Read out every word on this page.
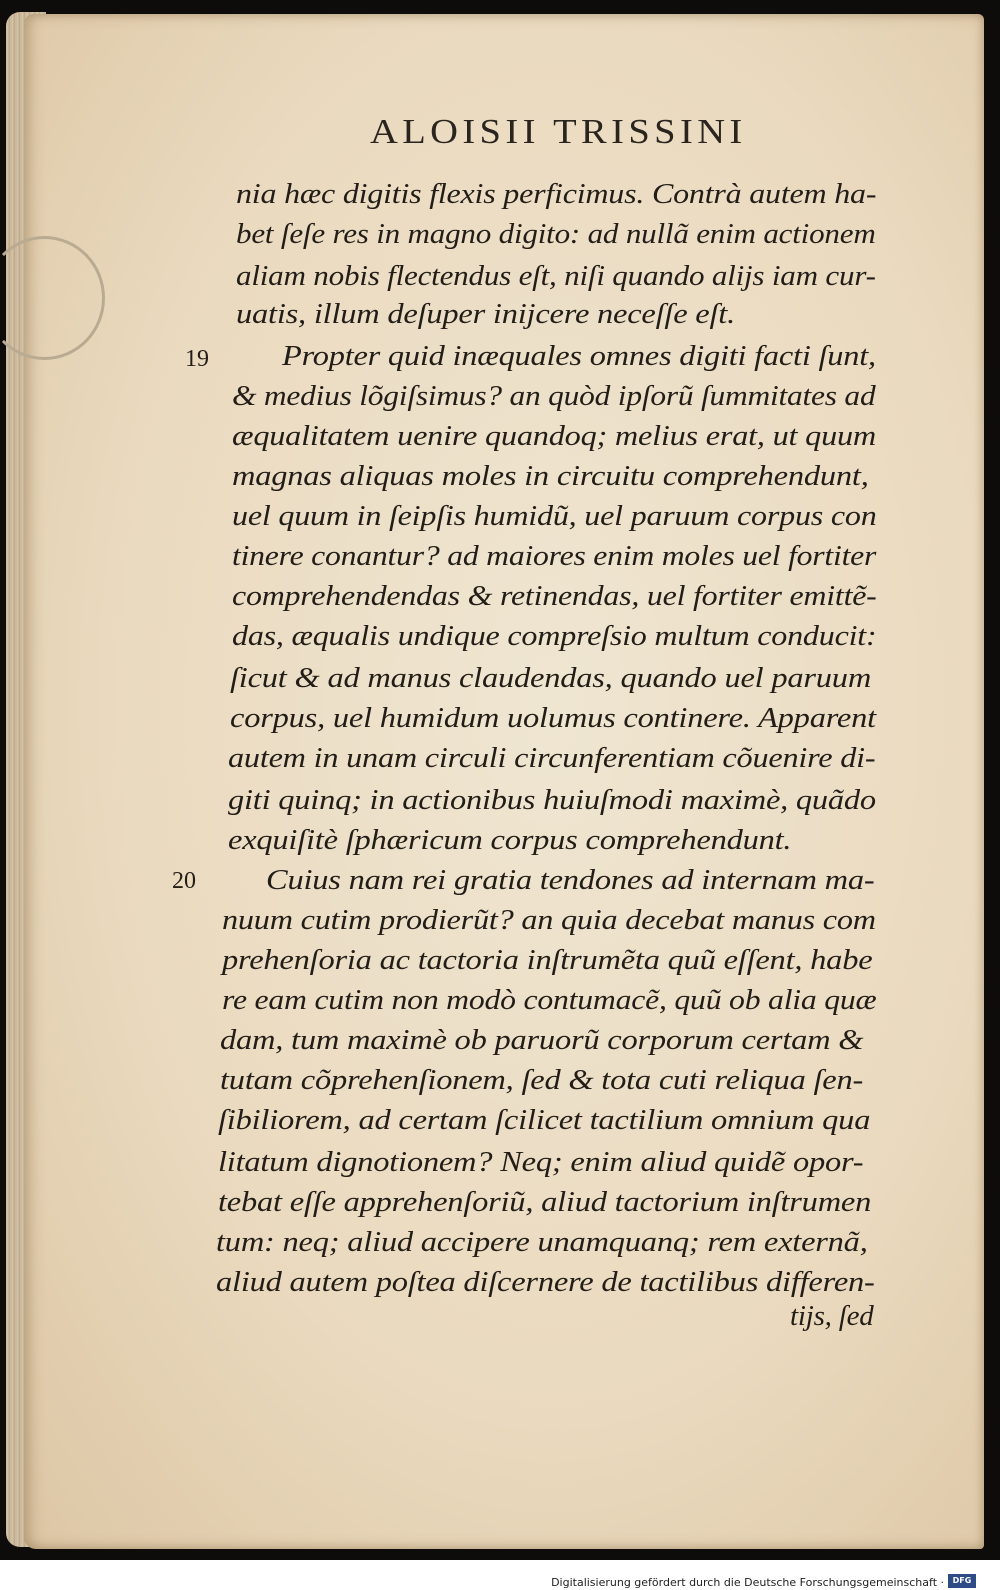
ALOISII TRISSINI
nia hæc digitis flexis perficimus. Contrà autem ha-
bet ſeſe res in magno digito: ad nullã enim actionem
aliam nobis flectendus eſt, niſi quando alijs iam cur-
uatis, illum deſuper inijcere neceſſe eſt.
19	Propter quid inæquales omnes digiti facti ſunt,
& medius lõgiſsimus? an quòd ipſorũ ſummitates ad
æqualitatem uenire quandoq; melius erat, ut quum
magnas aliquas moles in circuitu comprehendunt,
uel quum in ſeipſis humidũ, uel paruum corpus con
tinere conantur? ad maiores enim moles uel fortiter
comprehendendas & retinendas, uel fortiter emittẽ-
das, æqualis undique compreſsio multum conducit:
ſicut & ad manus claudendas, quando uel paruum
corpus, uel humidum uolumus continere. Apparent
autem in unam circuli circunferentiam cõuenire di-
giti quinq; in actionibus huiuſmodi maximè, quãdo
exquiſitè ſphæricum corpus comprehendunt.
20 Cuius nam rei gratia tendones ad internam ma-
nuum cutim prodierũt? an quia decebat manus com
prehenſoria ac tactoria inſtrumẽta quũ eſſent, habe
re eam cutim non modò contumacẽ, quũ ob alia quæ
dam, tum maximè ob paruorũ corporum certam &
tutam cõprehenſionem, ſed & tota cuti reliqua ſen-
ſibiliorem, ad certam ſcilicet tactilium omnium qua
litatum dignotionem? Neq; enim aliud quidẽ opor-
tebat eſſe apprehenſoriũ, aliud tactorium inſtrumen
tum: neq; aliud accipere unamquanq; rem externã,
aliud autem poſtea diſcernere de tactilibus differen-
tijs, ſed
Digitalisierung gefördert durch die Deutsche Forschungsgemeinschaft ·	DFG
